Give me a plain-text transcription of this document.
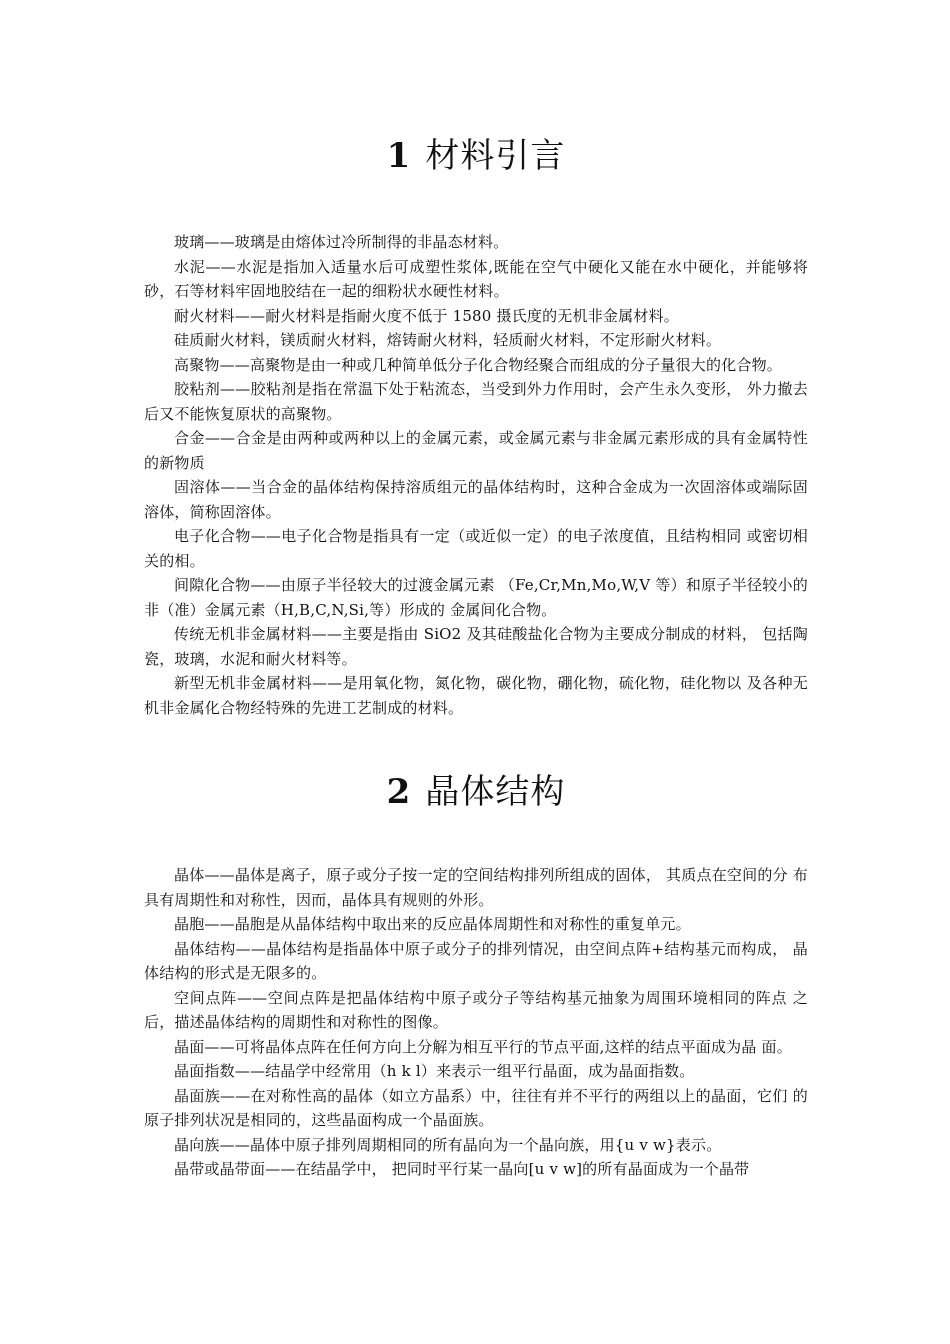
1 材料引言

玻璃——玻璃是由熔体过冷所制得的非晶态材料。

水泥——水泥是指加入适量水后可成塑性浆体,既能在空气中硬化又能在水中硬化，并能够将砂，石等材料牢固地胶结在一起的细粉状水硬性材料。

耐火材料——耐火材料是指耐火度不低于 1580 摄氏度的无机非金属材料。

硅质耐火材料，镁质耐火材料，熔铸耐火材料，轻质耐火材料，不定形耐火材料。

高聚物——高聚物是由一种或几种简单低分子化合物经聚合而组成的分子量很大的化合物。

胶粘剂——胶粘剂是指在常温下处于粘流态，当受到外力作用时，会产生永久变形， 外力撤去后又不能恢复原状的高聚物。

合金——合金是由两种或两种以上的金属元素，或金属元素与非金属元素形成的具有金属特性的新物质

固溶体——当合金的晶体结构保持溶质组元的晶体结构时，这种合金成为一次固溶体或端际固溶体，简称固溶体。

电子化合物——电子化合物是指具有一定（或近似一定）的电子浓度值，且结构相同 或密切相关的相。

间隙化合物——由原子半径较大的过渡金属元素 （Fe,Cr,Mn,Mo,W,V 等）和原子半径较小的非（准）金属元素（H,B,C,N,Si,等）形成的 金属间化合物。

传统无机非金属材料——主要是指由 SiO2 及其硅酸盐化合物为主要成分制成的材料， 包括陶瓷，玻璃，水泥和耐火材料等。

新型无机非金属材料——是用氧化物，氮化物，碳化物，硼化物，硫化物，硅化物以 及各种无机非金属化合物经特殊的先进工艺制成的材料。

2 晶体结构

晶体——晶体是离子，原子或分子按一定的空间结构排列所组成的固体， 其质点在空间的分 布具有周期性和对称性，因而，晶体具有规则的外形。

晶胞——晶胞是从晶体结构中取出来的反应晶体周期性和对称性的重复单元。

晶体结构——晶体结构是指晶体中原子或分子的排列情况，由空间点阵+结构基元而构成， 晶体结构的形式是无限多的。

空间点阵——空间点阵是把晶体结构中原子或分子等结构基元抽象为周围环境相同的阵点 之后，描述晶体结构的周期性和对称性的图像。

晶面——可将晶体点阵在任何方向上分解为相互平行的节点平面,这样的结点平面成为晶 面。

晶面指数——结晶学中经常用（h k l）来表示一组平行晶面，成为晶面指数。

晶面族——在对称性高的晶体（如立方晶系）中，往往有并不平行的两组以上的晶面，它们 的原子排列状况是相同的，这些晶面构成一个晶面族。

晶向族——晶体中原子排列周期相同的所有晶向为一个晶向族，用{u v w}表示。

晶带或晶带面——在结晶学中， 把同时平行某一晶向[u v w]的所有晶面成为一个晶带
